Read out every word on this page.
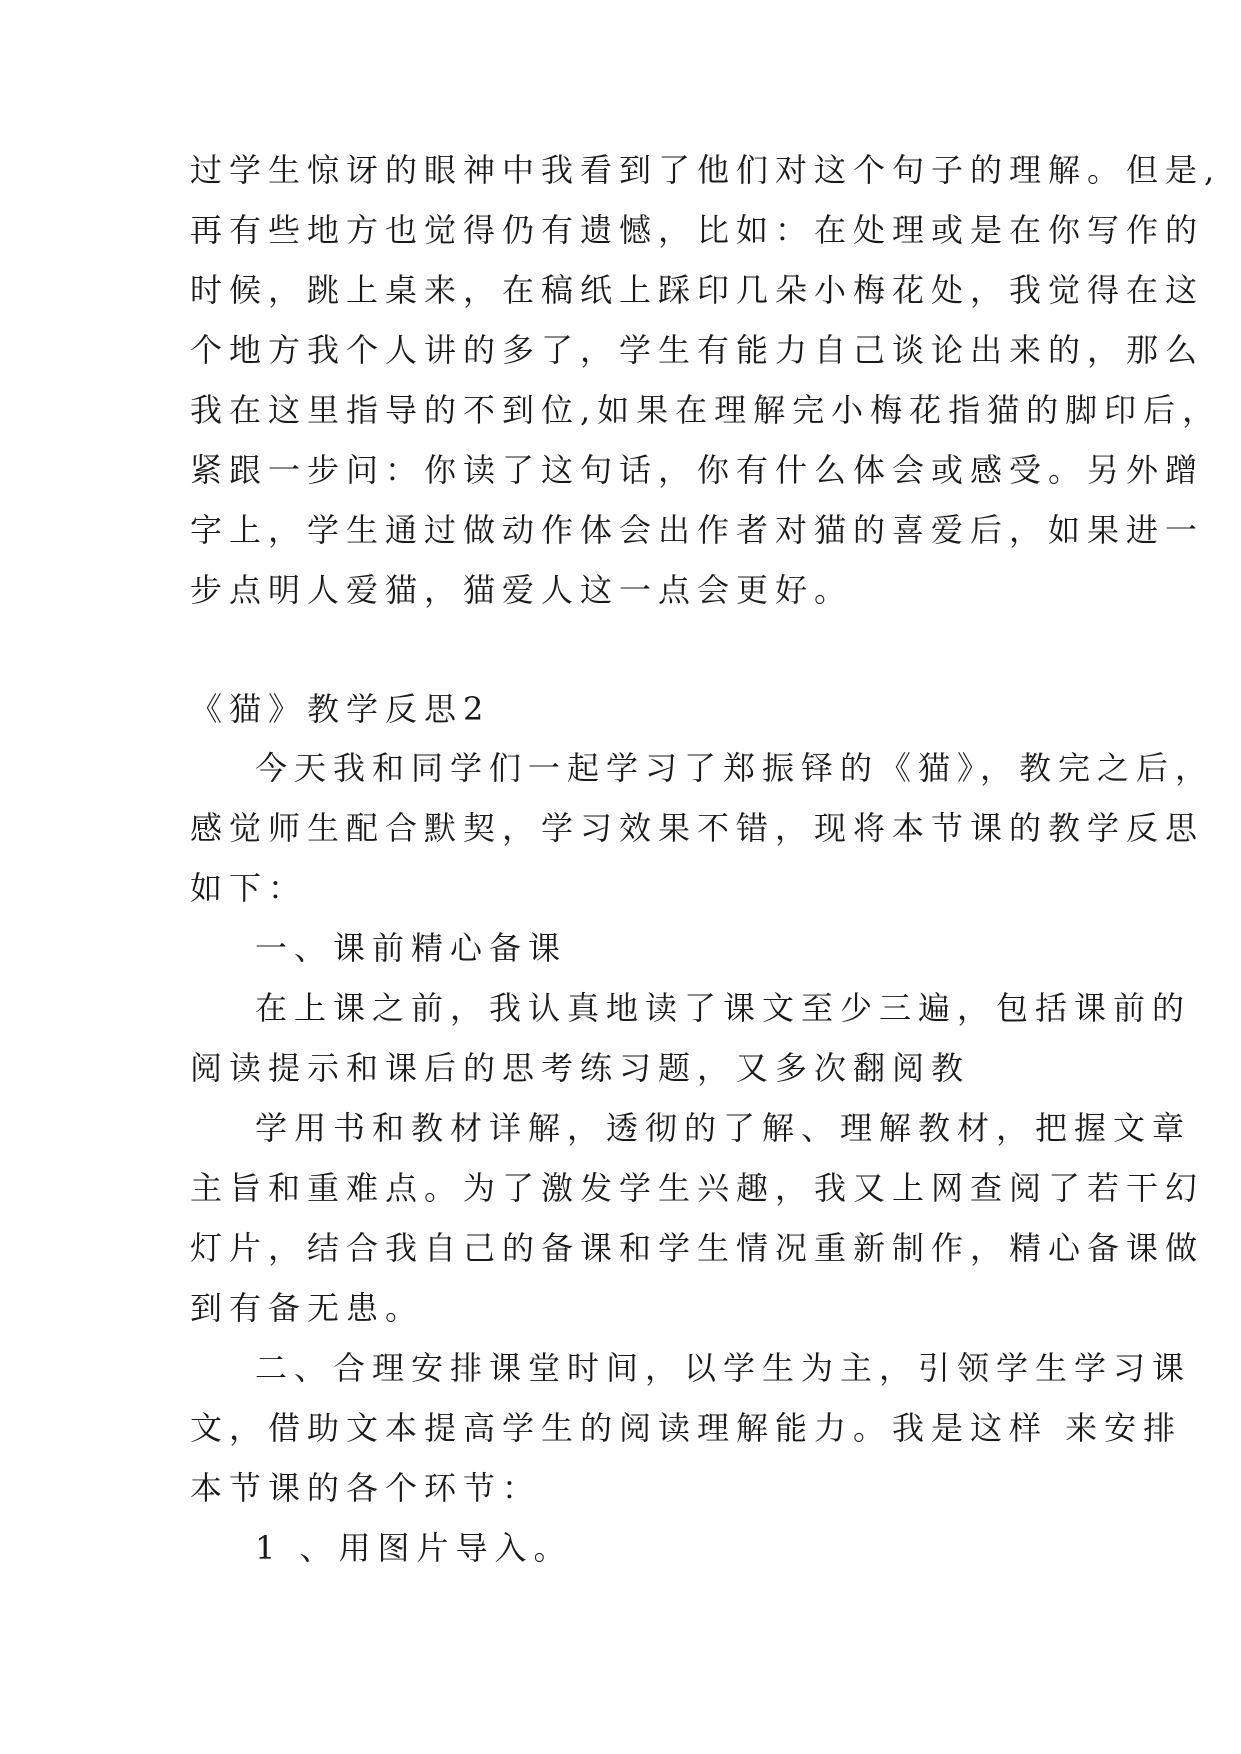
过学生惊讶的眼神中我看到了他们对这个句子的理解。但是,

再有些地方也觉得仍有遗憾，比如：在处理或是在你写作的

时候，跳上桌来，在稿纸上踩印几朵小梅花处，我觉得在这

个地方我个人讲的多了，学生有能力自己谈论出来的，那么

我在这里指导的不到位,如果在理解完小梅花指猫的脚印后，

紧跟一步问：你读了这句话，你有什么体会或感受。另外蹭

字上，学生通过做动作体会出作者对猫的喜爱后，如果进一

步点明人爱猫，猫爱人这一点会更好。

《猫》教学反思2

今天我和同学们一起学习了郑振铎的《猫》，教完之后，

感觉师生配合默契，学习效果不错，现将本节课的教学反思

如下：

一、课前精心备课

在上课之前，我认真地读了课文至少三遍，包括课前的

阅读提示和课后的思考练习题，又多次翻阅教

学用书和教材详解，透彻的了解、理解教材，把握文章

主旨和重难点。为了激发学生兴趣，我又上网查阅了若干幻

灯片，结合我自己的备课和学生情况重新制作，精心备课做

到有备无患。

二、合理安排课堂时间，以学生为主，引领学生学习课

文，借助文本提高学生的阅读理解能力。我是这样 来安排

本节课的各个环节：

1 、用图片导入。
